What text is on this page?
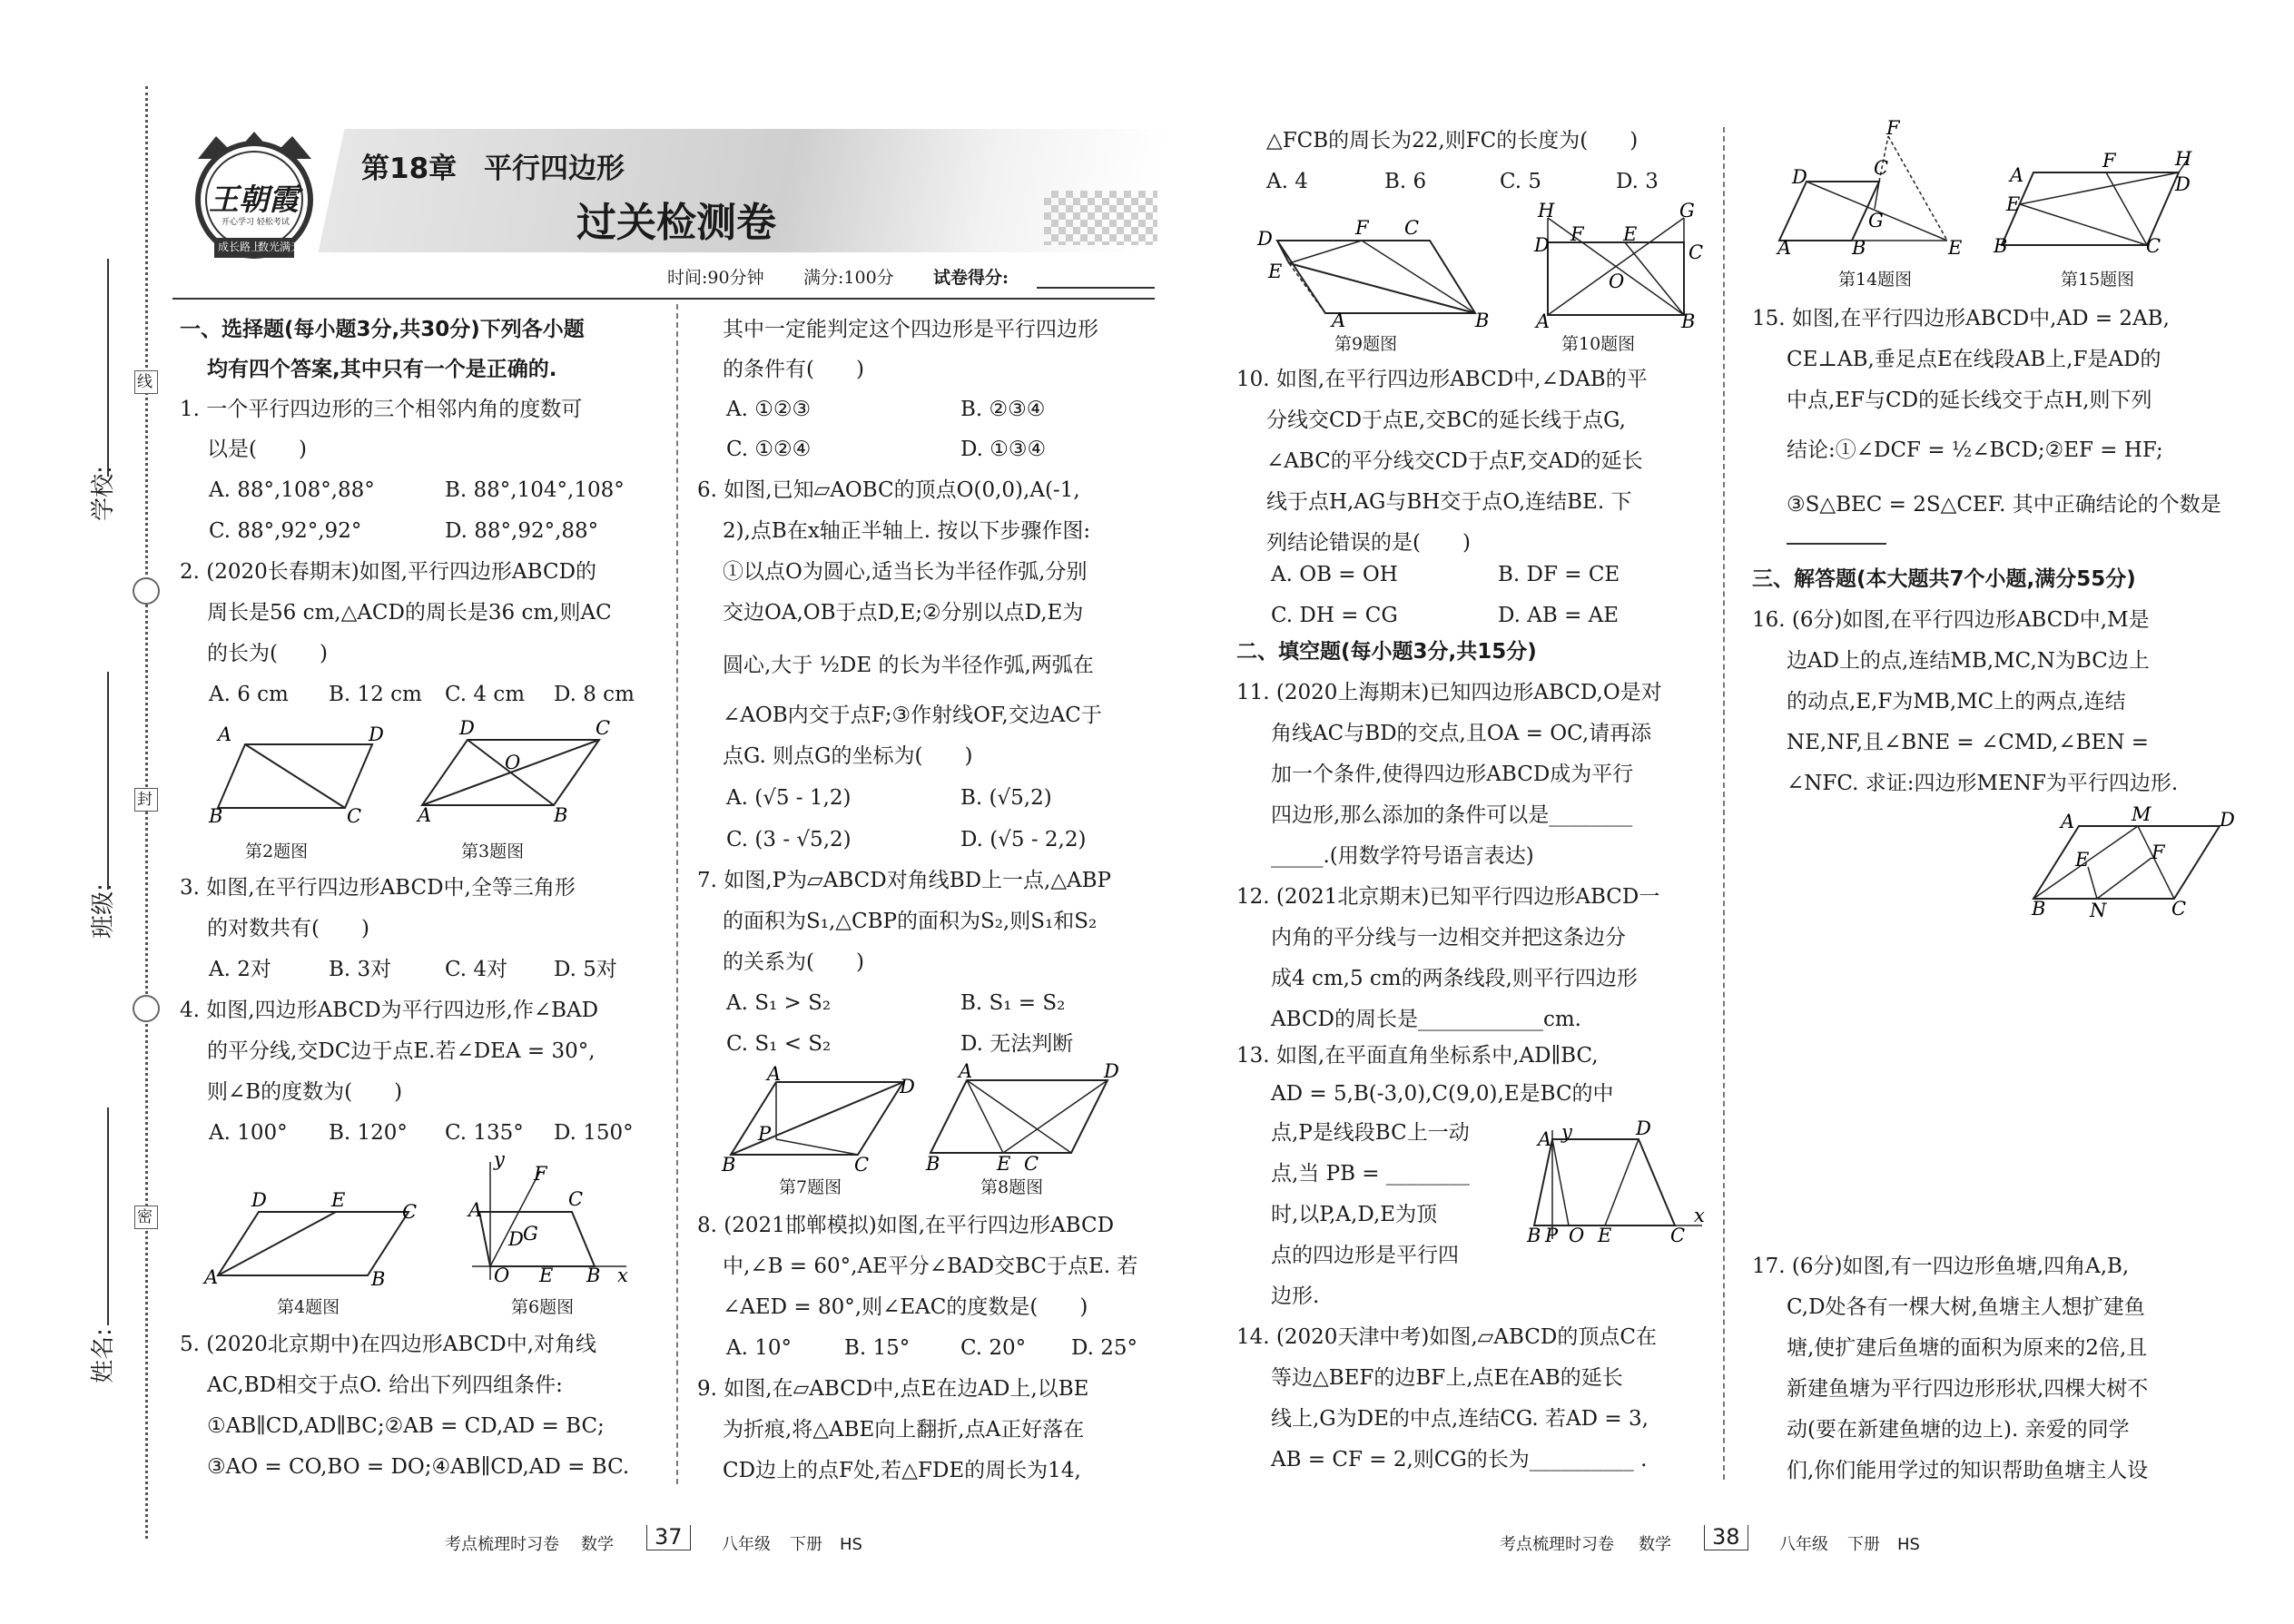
线
封
密
学校:
班级:
姓名:
王朝霞
开心学习 轻松考试
成长路上
数光满天
第18章 平行四边形
过关检测卷
时间:90分钟 满分:100分 试卷得分:
一、选择题(每小题3分,共30分)下列各小题
均有四个答案,其中只有一个是正确的.
1. 一个平行四边形的三个相邻内角的度数可
以是(　　)
A. 88°,108°,88°	B. 88°,104°,108°
C. 88°,92°,92°	D. 88°,92°,88°
2. (2020长春期末)如图,平行四边形ABCD的
周长是56 cm,△ACD的周长是36 cm,则AC
的长为(　　)
A. 6 cm B. 12 cm C. 4 cm D. 8 cm
A	D
B	C
D	C
A	B
O
第2题图	第3题图
3. 如图,在平行四边形ABCD中,全等三角形
的对数共有(　　)
A. 2对	B. 3对	C. 4对 D. 5对
4. 如图,四边形ABCD为平行四边形,作∠BAD
的平分线,交DC边于点E.若∠DEA = 30°,
则∠B的度数为(　　)
A. 100° B. 120° C. 135° D. 150°
D	E
C
A	B
y
A	C
D G
F
O E B x
第4题图	第6题图
5. (2020北京期中)在四边形ABCD中,对角线
AC,BD相交于点O. 给出下列四组条件:
①AB∥CD,AD∥BC;②AB = CD,AD = BC;
③AO = CO,BO = DO;④AB∥CD,AD = BC.
其中一定能判定这个四边形是平行四边形
的条件有(　　)
A. ①②③	B. ②③④
C. ①②④	D. ①③④
6. 如图,已知▱AOBC的顶点O(0,0),A(-1,
2),点B在x轴正半轴上. 按以下步骤作图:
①以点O为圆心,适当长为半径作弧,分别
交边OA,OB于点D,E;②分别以点D,E为
圆心,大于 ½DE 的长为半径作弧,两弧在
∠AOB内交于点F;③作射线OF,交边AC于
点G. 则点G的坐标为(　　)
A. (√5 - 1,2)	B. (√5,2)
C. (3 - √5,2)	D. (√5 - 2,2)
7. 如图,P为▱ABCD对角线BD上一点,△ABP
的面积为S₁,△CBP的面积为S₂,则S₁和S₂
的关系为(　　)
A. S₁ > S₂	B. S₁ = S₂
C. S₁ < S₂	D. 无法判断
A
D
P
B	C
A	D
B	E C
第7题图	第8题图
8. (2021邯郸模拟)如图,在平行四边形ABCD
中,∠B = 60°,AE平分∠BAD交BC于点E. 若
∠AED = 80°,则∠EAC的度数是(　　)
A. 10°	B. 15° C. 20° D. 25°
9. 如图,在▱ABCD中,点E在边AD上,以BE
为折痕,将△ABE向上翻折,点A正好落在
CD边上的点F处,若△FDE的周长为14,
△FCB的周长为22,则FC的长度为(　　)
A. 4	B. 6	C. 5	D. 3
D	F C
E
A	B
H	G
D F E
C
O
A	B
第9题图	第10题图
10. 如图,在平行四边形ABCD中,∠DAB的平
分线交CD于点E,交BC的延长线于点G,
∠ABC的平分线交CD于点F,交AD的延长
线于点H,AG与BH交于点O,连结BE. 下
列结论错误的是(　　)
A. OB = OH	B. DF = CE
C. DH = CG	D. AB = AE
二、填空题(每小题3分,共15分)
11. (2020上海期末)已知四边形ABCD,O是对
角线AC与BD的交点,且OA = OC,请再添
加一个条件,使得四边形ABCD成为平行
四边形,那么添加的条件可以是________
_____.(用数学符号语言表达)
12. (2021北京期末)已知平行四边形ABCD一
内角的平分线与一边相交并把这条边分
成4 cm,5 cm的两条线段,则平行四边形
ABCD的周长是____________cm.
13. 如图,在平面直角坐标系中,AD∥BC,
AD = 5,B(-3,0),C(9,0),E是BC的中
点,P是线段BC上一动
点,当 PB = ________
时,以P,A,D,E为顶
点的四边形是平行四
边形.
A y	D
B P O E	C
x
14. (2020天津中考)如图,▱ABCD的顶点C在
等边△BEF的边BF上,点E在AB的延长
线上,G为DE的中点,连结CG. 若AD = 3,
AB = CF = 2,则CG的长为__________ .
F
D	C
G
A	B	E
A
E
F	H
D
B	C
第14题图	第15题图
15. 如图,在平行四边形ABCD中,AD = 2AB,
CE⊥AB,垂足点E在线段AB上,F是AD的
中点,EF与CD的延长线交于点H,则下列
结论:①∠DCF = ½∠BCD;②EF = HF;
③S△BEC = 2S△CEF. 其中正确结论的个数是
三、解答题(本大题共7个小题,满分55分)
16. (6分)如图,在平行四边形ABCD中,M是
边AD上的点,连结MB,MC,N为BC边上
的动点,E,F为MB,MC上的两点,连结
NE,NF,且∠BNE = ∠CMD,∠BEN =
∠NFC. 求证:四边形MENF为平行四边形.
A	M	D
E	F
B N	C
17. (6分)如图,有一四边形鱼塘,四角A,B,
C,D处各有一棵大树,鱼塘主人想扩建鱼
塘,使扩建后鱼塘的面积为原来的2倍,且
新建鱼塘为平行四边形形状,四棵大树不
动(要在新建鱼塘的边上). 亲爱的同学
们,你们能用学过的知识帮助鱼塘主人设
考点梳理时习卷 数学	37	八年级 下册 HS	考点梳理时习卷 数学	38	八年级 下册 HS
